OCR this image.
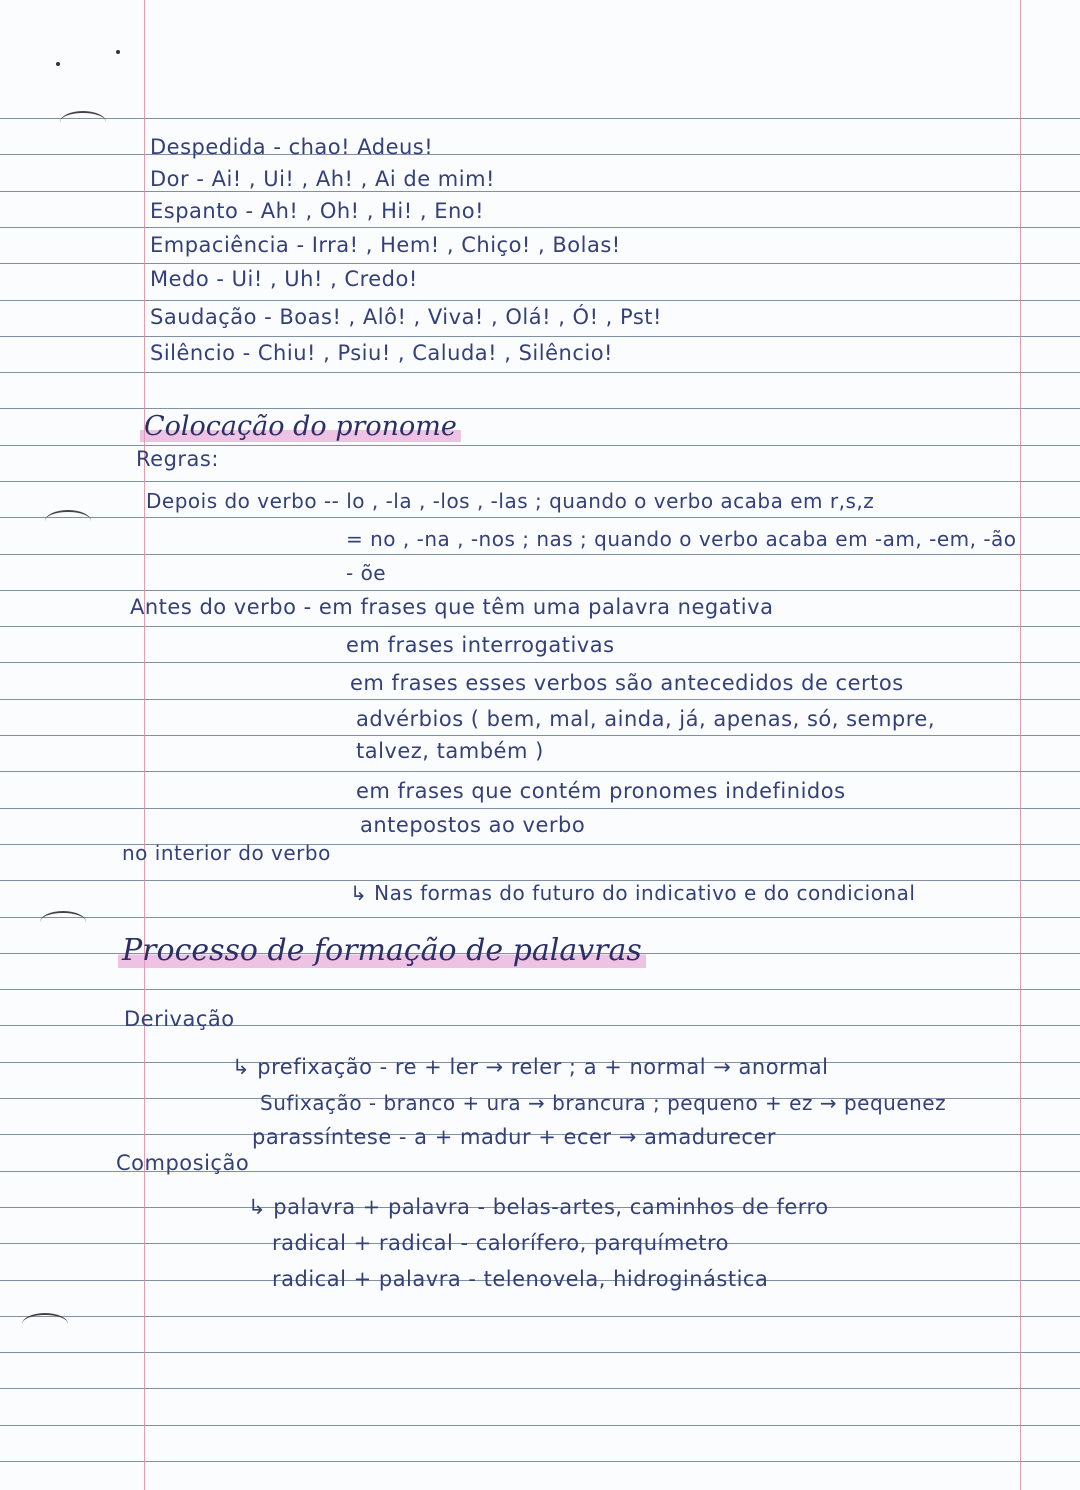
Despedida - chao! Adeus!
Dor - Ai! , Ui! , Ah! , Ai de mim!
Espanto - Ah! , Oh! , Hi! , Eno!
Empaciência - Irra! , Hem! , Chiço! , Bolas!
Medo - Ui! , Uh! , Credo!
Saudação - Boas! , Alô! , Viva! , Olá! , Ó! , Pst!
Silêncio - Chiu! , Psiu! , Caluda! , Silêncio!
Colocação do pronome
Regras:
Depois do verbo -- lo , -la , -los , -las ; quando o verbo acaba em r,s,z
= no , -na , -nos ; nas ; quando o verbo acaba em -am, -em, -ão
- õe
Antes do verbo - em frases que têm uma palavra negativa
em frases interrogativas
em frases esses verbos são antecedidos de certos
advérbios ( bem, mal, ainda, já, apenas, só, sempre,
talvez, também )
em frases que contém pronomes indefinidos
antepostos ao verbo
no interior do verbo
↳ Nas formas do futuro do indicativo e do condicional
Processo de formação de palavras
Derivação
↳ prefixação - re + ler → reler ; a + normal → anormal
Sufixação - branco + ura → brancura ; pequeno + ez → pequenez
parassíntese - a + madur + ecer → amadurecer
Composição
↳ palavra + palavra - belas-artes, caminhos de ferro
radical + radical - calorífero, parquímetro
radical + palavra - telenovela, hidroginástica
